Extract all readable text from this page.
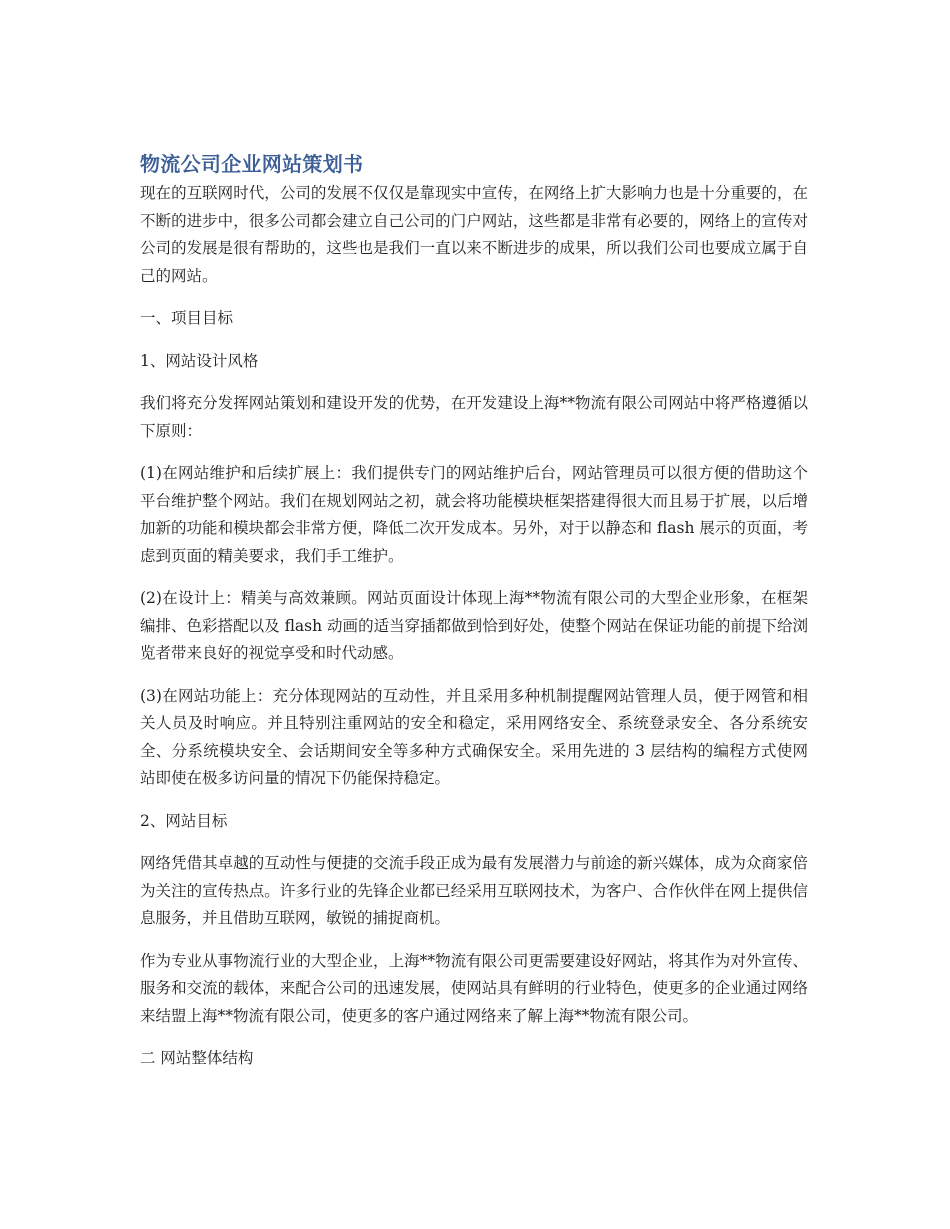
物流公司企业网站策划书

现在的互联网时代，公司的发展不仅仅是靠现实中宣传，在网络上扩大影响力也是十分重要的，在不断的进步中，很多公司都会建立自己公司的门户网站，这些都是非常有必要的，网络上的宣传对公司的发展是很有帮助的，这些也是我们一直以来不断进步的成果，所以我们公司也要成立属于自己的网站。

一、项目目标

1、网站设计风格

我们将充分发挥网站策划和建设开发的优势，在开发建设上海**物流有限公司网站中将严格遵循以下原则：

(1)在网站维护和后续扩展上：我们提供专门的网站维护后台，网站管理员可以很方便的借助这个平台维护整个网站。我们在规划网站之初，就会将功能模块框架搭建得很大而且易于扩展，以后增加新的功能和模块都会非常方便，降低二次开发成本。另外，对于以静态和 flash 展示的页面，考虑到页面的精美要求，我们手工维护。

(2)在设计上：精美与高效兼顾。网站页面设计体现上海**物流有限公司的大型企业形象，在框架编排、色彩搭配以及 flash 动画的适当穿插都做到恰到好处，使整个网站在保证功能的前提下给浏览者带来良好的视觉享受和时代动感。

(3)在网站功能上：充分体现网站的互动性，并且采用多种机制提醒网站管理人员，便于网管和相关人员及时响应。并且特别注重网站的安全和稳定，采用网络安全、系统登录安全、各分系统安全、分系统模块安全、会话期间安全等多种方式确保安全。采用先进的 3 层结构的编程方式使网站即使在极多访问量的情况下仍能保持稳定。

2、网站目标

网络凭借其卓越的互动性与便捷的交流手段正成为最有发展潜力与前途的新兴媒体，成为众商家倍为关注的宣传热点。许多行业的先锋企业都已经采用互联网技术，为客户、合作伙伴在网上提供信息服务，并且借助互联网，敏锐的捕捉商机。

作为专业从事物流行业的大型企业，上海**物流有限公司更需要建设好网站，将其作为对外宣传、服务和交流的载体，来配合公司的迅速发展，使网站具有鲜明的行业特色，使更多的企业通过网络来结盟上海**物流有限公司，使更多的客户通过网络来了解上海**物流有限公司。

二 网站整体结构
